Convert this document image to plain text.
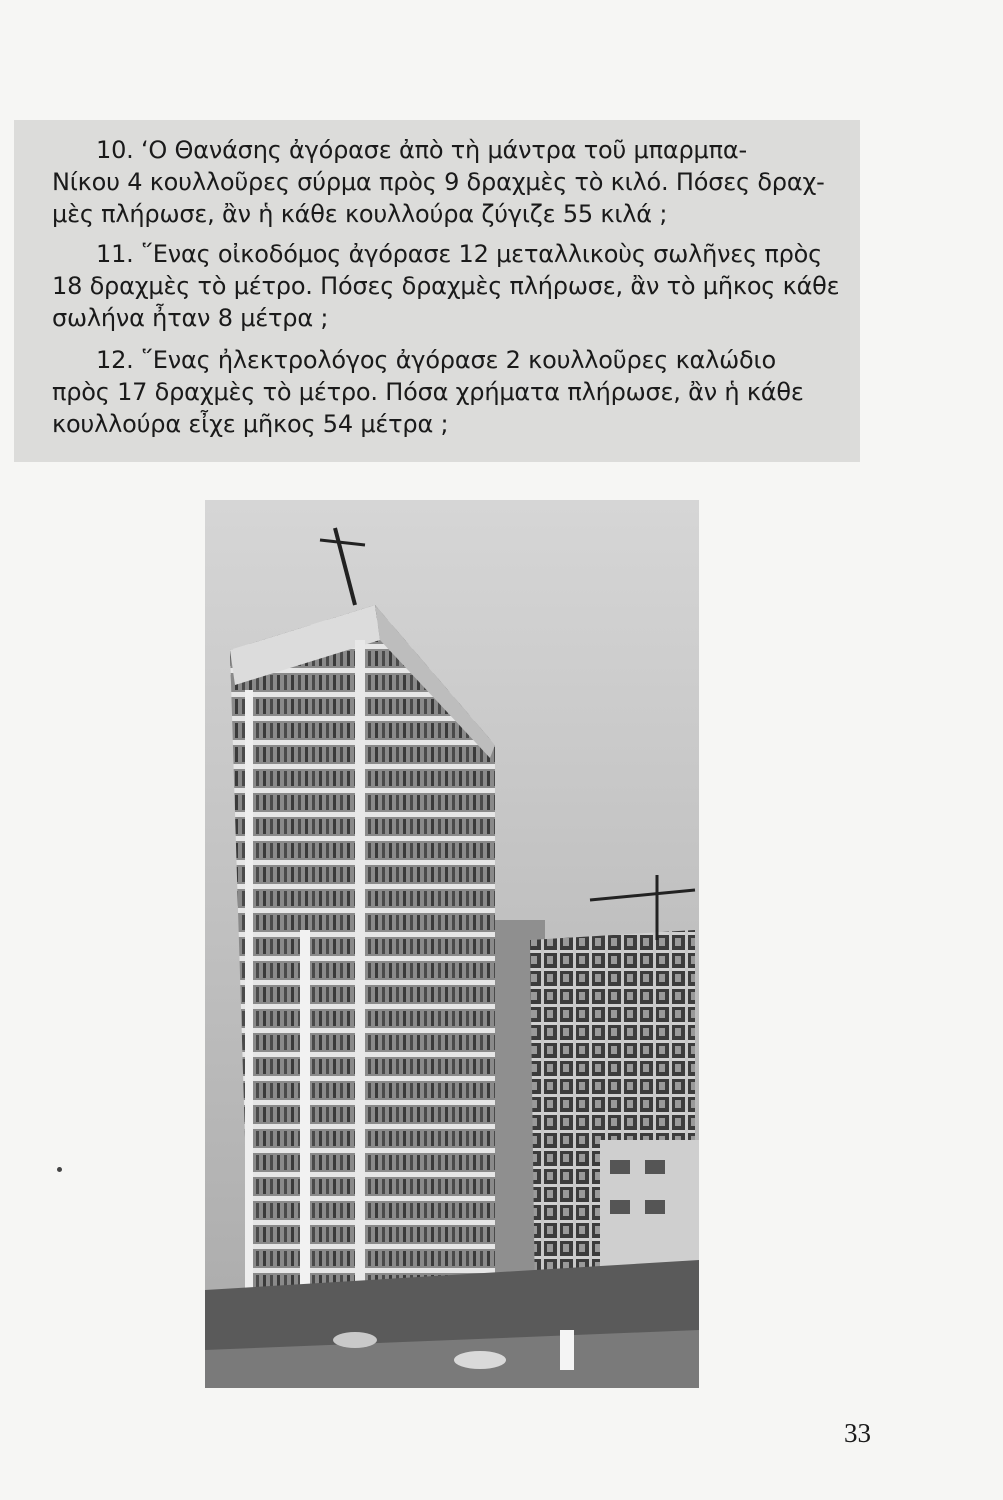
10. ‘Ο Θανάσης ἀγόρασε ἀπὸ τὴ μάντρα τοῦ μπαρμπα-
Νίκου 4 κουλλοῦρες σύρμα πρὸς 9 δραχμὲς τὸ κιλό. Πόσες δραχ-
μὲς πλήρωσε, ἂν ἡ κάθε κουλλούρα ζύγιζε 55 κιλά ;
11. ῞Ενας οἰκοδόμος ἀγόρασε 12 μεταλλικοὺς σωλῆνες πρὸς
18 δραχμὲς τὸ μέτρο. Πόσες δραχμὲς πλήρωσε, ἂν τὸ μῆκος κάθε
σωλήνα ἦταν 8 μέτρα ;
12. ῞Ενας ἠλεκτρολόγος ἀγόρασε 2 κουλλοῦρες καλώδιο
πρὸς 17 δραχμὲς τὸ μέτρο. Πόσα χρήματα πλήρωσε, ἂν ἡ κάθε
κουλλούρα εἶχε μῆκος 54 μέτρα ;
33
